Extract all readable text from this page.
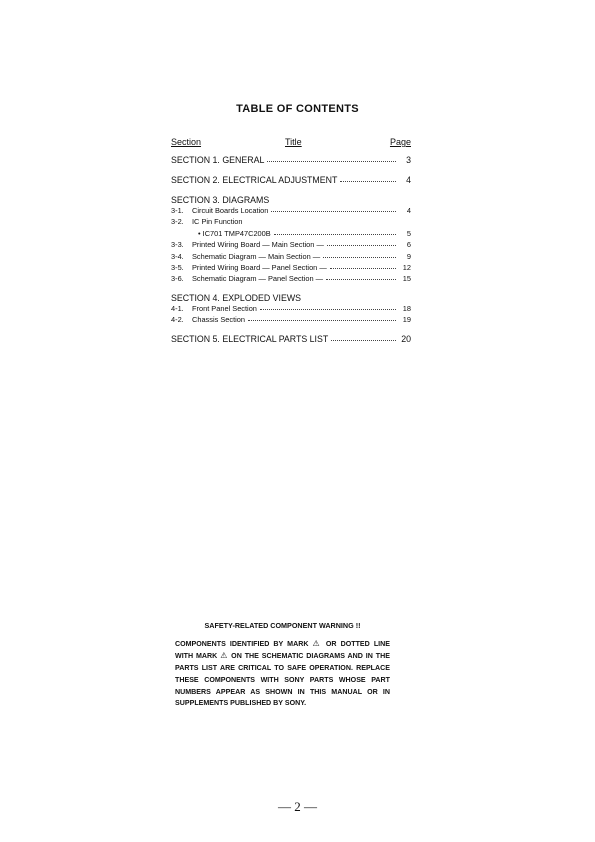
TABLE OF CONTENTS
Section	Title	Page
SECTION 1. GENERAL	3
SECTION 2. ELECTRICAL ADJUSTMENT	4
SECTION 3. DIAGRAMS
3-1. Circuit Boards Location	4
3-2. IC Pin Function
• IC701 TMP47C200B	5
3-3. Printed Wiring Board — Main Section —	6
3-4. Schematic Diagram — Main Section —	9
3-5. Printed Wiring Board — Panel Section —	12
3-6. Schematic Diagram — Panel Section —	15
SECTION 4. EXPLODED VIEWS
4-1. Front Panel Section	18
4-2. Chassis Section	19
SECTION 5. ELECTRICAL PARTS LIST	20
SAFETY-RELATED COMPONENT WARNING !!
COMPONENTS IDENTIFIED BY MARK ⚠ OR DOTTED LINE WITH MARK ⚠ ON THE SCHEMATIC DIAGRAMS AND IN THE PARTS LIST ARE CRITICAL TO SAFE OPERATION. REPLACE THESE COMPONENTS WITH SONY PARTS WHOSE PART NUMBERS APPEAR AS SHOWN IN THIS MANUAL OR IN SUPPLEMENTS PUBLISHED BY SONY.
— 2 —
